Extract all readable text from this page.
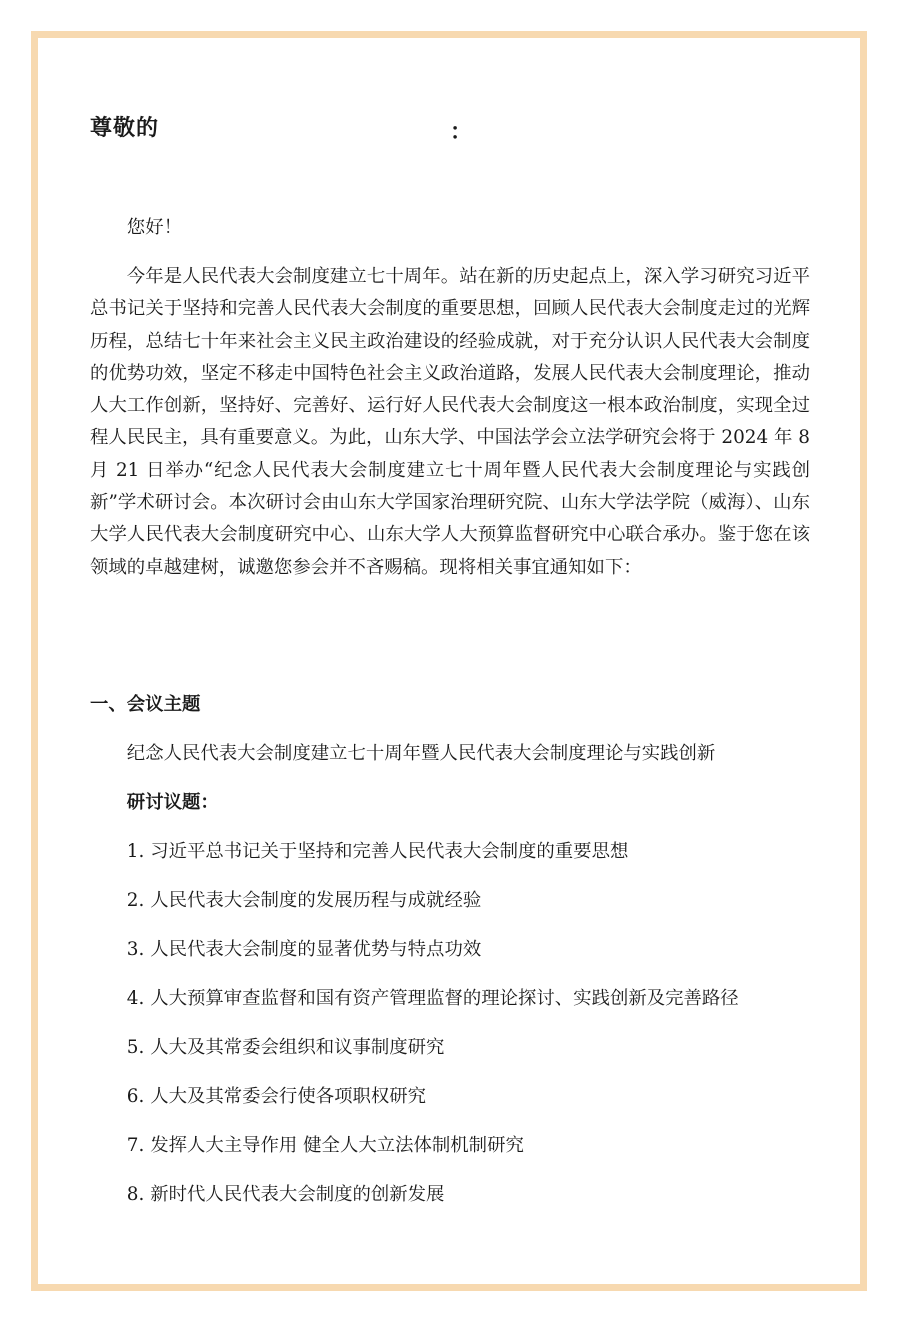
尊敬的	：

您好！

今年是人民代表大会制度建立七十周年。站在新的历史起点上，深入学习研究习近平总书记关于坚持和完善人民代表大会制度的重要思想，回顾人民代表大会制度走过的光辉历程，总结七十年来社会主义民主政治建设的经验成就，对于充分认识人民代表大会制度的优势功效，坚定不移走中国特色社会主义政治道路，发展人民代表大会制度理论，推动人大工作创新，坚持好、完善好、运行好人民代表大会制度这一根本政治制度，实现全过程人民民主，具有重要意义。为此，山东大学、中国法学会立法学研究会将于 2024 年 8 月 21 日举办“纪念人民代表大会制度建立七十周年暨人民代表大会制度理论与实践创新”学术研讨会。本次研讨会由山东大学国家治理研究院、山东大学法学院（威海）、山东大学人民代表大会制度研究中心、山东大学人大预算监督研究中心联合承办。鉴于您在该领域的卓越建树，诚邀您参会并不吝赐稿。现将相关事宜通知如下：

一、会议主题

纪念人民代表大会制度建立七十周年暨人民代表大会制度理论与实践创新

研讨议题：

1. 习近平总书记关于坚持和完善人民代表大会制度的重要思想

2. 人民代表大会制度的发展历程与成就经验

3. 人民代表大会制度的显著优势与特点功效

4. 人大预算审查监督和国有资产管理监督的理论探讨、实践创新及完善路径

5. 人大及其常委会组织和议事制度研究

6. 人大及其常委会行使各项职权研究

7. 发挥人大主导作用 健全人大立法体制机制研究

8. 新时代人民代表大会制度的创新发展
